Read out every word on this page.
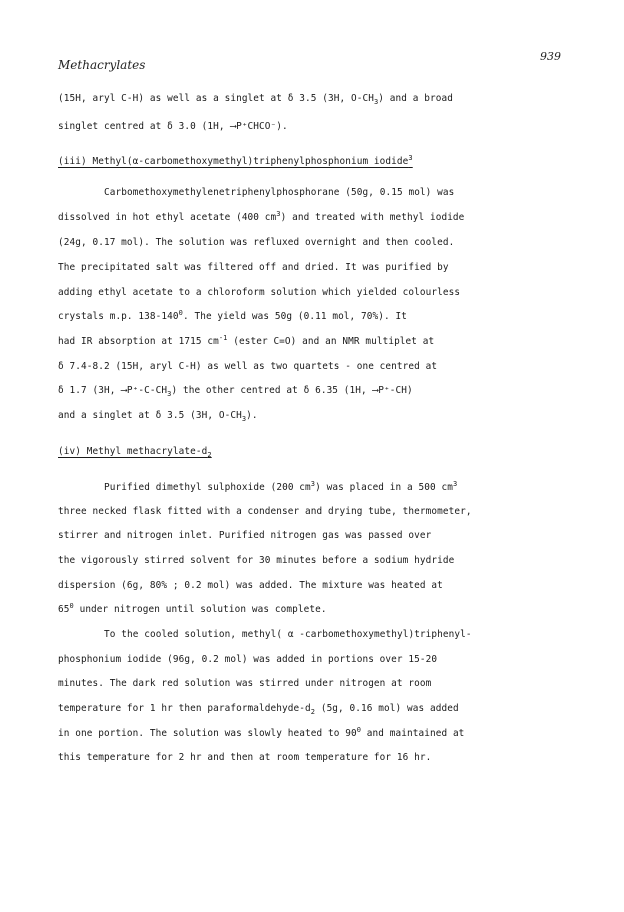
Methacrylates
939
(15H, aryl C-H) as well as a singlet at δ 3.5 (3H, $O-CH_3$) and a broad
singlet centred at δ 3.0 (1H, ⟶P⁺CHCO⁻).
(iii) Methyl(α-carbomethoxymethyl)triphenylphosphonium iodide$^3$
Carbomethoxymethylenetriphenylphosphorane (50g, 0.15 mol) was
dissolved in hot ethyl acetate (400 $cm^3$) and treated with methyl iodide
(24g, 0.17 mol). The solution was refluxed overnight and then cooled.
The precipitated salt was filtered off and dried. It was purified by
adding ethyl acetate to a chloroform solution which yielded colourless
crystals m.p. $138-140^0$. The yield was 50g (0.11 mol, 70%). It
had IR absorption at 1715 $cm^{-1}$ (ester C=O) and an NMR multiplet at
δ 7.4-8.2 (15H, aryl C-H) as well as two quartets - one centred at
δ 1.7 (3H, $⟶P^+-C-CH_3$) the other centred at δ 6.35 (1H, ⟶P⁺-CH)
and a singlet at δ 3.5 (3H, $O-CH_3$).
(iv) Methyl methacrylate-$d_2$
Purified dimethyl sulphoxide (200 $cm^3$) was placed in a 500 $cm^3$
three necked flask fitted with a condenser and drying tube, thermometer,
stirrer and nitrogen inlet. Purified nitrogen gas was passed over
the vigorously stirred solvent for 30 minutes before a sodium hydride
dispersion (6g, 80% ; 0.2 mol) was added. The mixture was heated at
$65^0$ under nitrogen until solution was complete.
To the cooled solution, methyl( α -carbomethoxymethyl)triphenyl-
phosphonium iodide (96g, 0.2 mol) was added in portions over 15-20
minutes. The dark red solution was stirred under nitrogen at room
temperature for 1 hr then paraformaldehyde-$d_2$ (5g, 0.16 mol) was added
in one portion. The solution was slowly heated to $90^0$ and maintained at
this temperature for 2 hr and then at room temperature for 16 hr.
